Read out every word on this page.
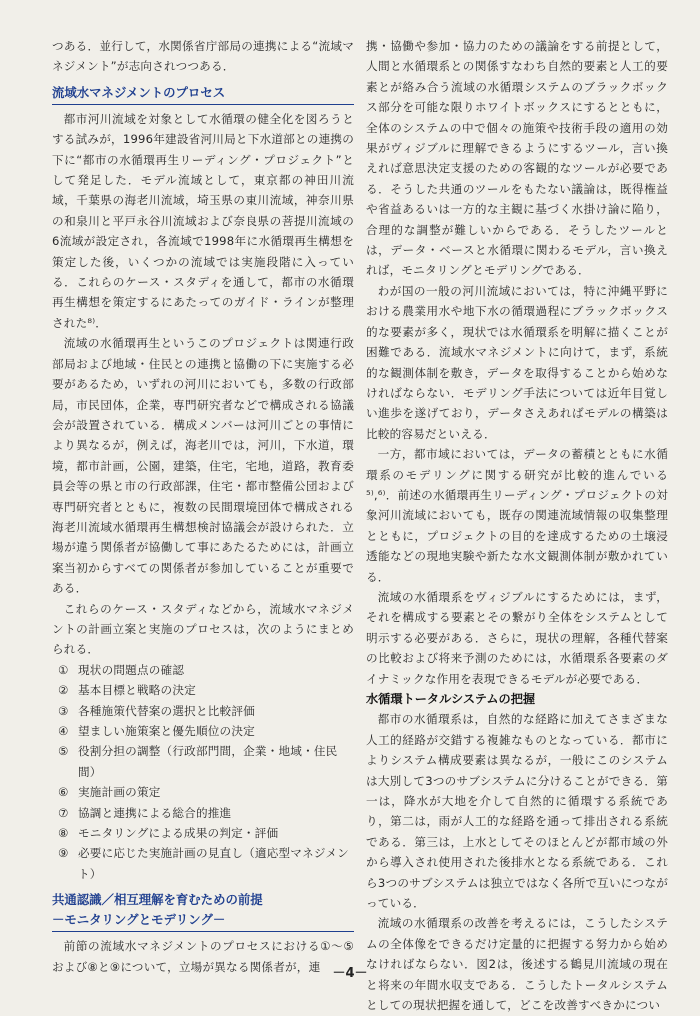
つある．並行して，水関係省庁部局の連携による“流域マネジメント”が志向されつつある．

流域水マネジメントのプロセス

都市河川流域を対象として水循環の健全化を図ろうとする試みが，1996年建設省河川局と下水道部との連携の下に“都市の水循環再生リーディング・プロジェクト”として発足した．モデル流域として，東京都の神田川流域，千葉県の海老川流域，埼玉県の東川流域，神奈川県の和泉川と平戸永谷川流域および奈良県の菩提川流域の6流域が設定され，各流域で1998年に水循環再生構想を策定した後，いくつかの流域では実施段階に入っている．これらのケース・スタディを通して，都市の水循環再生構想を策定するにあたってのガイド・ラインが整理された⁸⁾．

流域の水循環再生というこのプロジェクトは関連行政部局および地域・住民との連携と協働の下に実施する必要があるため，いずれの河川においても，多数の行政部局，市民団体，企業，専門研究者などで構成される協議会が設置されている．構成メンバーは河川ごとの事情により異なるが，例えば，海老川では，河川，下水道，環境，都市計画，公園，建築，住宅，宅地，道路，教育委員会等の県と市の行政部課，住宅・都市整備公団および専門研究者とともに，複数の民間環境団体で構成される海老川流域水循環再生構想検討協議会が設けられた．立場が違う関係者が協働して事にあたるためには，計画立案当初からすべての関係者が参加していることが重要である．

これらのケース・スタディなどから，流域水マネジメントの計画立案と実施のプロセスは，次のようにまとめられる．

① 現状の問題点の確認
② 基本目標と戦略の決定
③ 各種施策代替案の選択と比較評価
④ 望ましい施策案と優先順位の決定
⑤ 役割分担の調整（行政部門間，企業・地域・住民間）
⑥ 実施計画の策定
⑦ 協調と連携による総合的推進
⑧ モニタリングによる成果の判定・評価
⑨ 必要に応じた実施計画の見直し（適応型マネジメント）
共通認識／相互理解を育むための前提
－モニタリングとモデリング－

前節の流域水マネジメントのプロセスにおける①～⑤および⑧と⑨について，立場が異なる関係者が，連

携・協働や参加・協力のための議論をする前提として，人間と水循環系との関係すなわち自然的要素と人工的要素とが絡み合う流域の水循環システムのブラックボックス部分を可能な限りホワイトボックスにするとともに，全体のシステムの中で個々の施策や技術手段の適用の効果がヴィジブルに理解できるようにするツール，言い換えれば意思決定支援のための客観的なツールが必要である．そうした共通のツールをもたない議論は，既得権益や省益あるいは一方的な主観に基づく水掛け論に陥り，合理的な調整が難しいからである．そうしたツールとは，データ・ベースと水循環に関わるモデル，言い換えれば，モニタリングとモデリングである．

わが国の一般の河川流域においては，特に沖縄平野における農業用水や地下水の循環過程にブラックボックス的な要素が多く，現状では水循環系を明解に描くことが困難である．流域水マネジメントに向けて，まず，系統的な観測体制を敷き，データを取得することから始めなければならない．モデリング手法については近年目覚しい進歩を遂げており，データさえあればモデルの構築は比較的容易だといえる．

一方，都市域においては，データの蓄積とともに水循環系のモデリングに関する研究が比較的進んでいる⁵⁾,⁶⁾．前述の水循環再生リーディング・プロジェクトの対象河川流域においても，既存の関連流域情報の収集整理とともに，プロジェクトの目的を達成するための土壌浸透能などの現地実験や新たな水文観測体制が敷かれている．

流域の水循環系をヴィジブルにするためには，まず，それを構成する要素とその繋がり全体をシステムとして明示する必要がある．さらに，現状の理解，各種代替案の比較および将来予測のためには，水循環系各要素のダイナミックな作用を表現できるモデルが必要である．

水循環トータルシステムの把握

都市の水循環系は，自然的な経路に加えてさまざまな人工的経路が交錯する複雑なものとなっている．都市によりシステム構成要素は異なるが，一般にこのシステムは大別して3つのサブシステムに分けることができる．第一は，降水が大地を介して自然的に循環する系統であり，第二は，雨が人工的な経路を通って排出される系統である．第三は，上水としてそのほとんどが都市域の外から導入され使用された後排水となる系統である．これら3つのサブシステムは独立ではなく各所で互いにつながっている．

流域の水循環系の改善を考えるには，こうしたシステムの全体像をできるだけ定量的に把握する努力から始めなければならない．図2は，後述する鶴見川流域の現在と将来の年間水収支である．こうしたトータルシステムとしての現状把握を通して，どこを改善すべきかについ

－4－
